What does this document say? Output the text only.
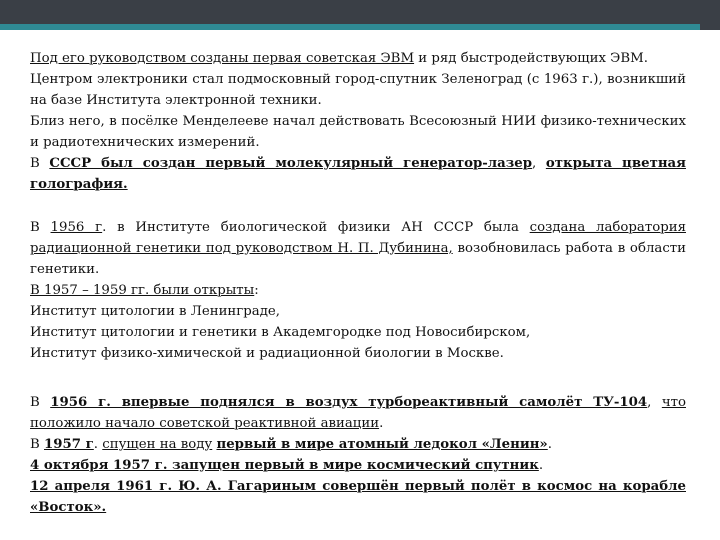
Под его руководством созданы первая советская ЭВМ и ряд быстродействующих ЭВМ.

Центром электроники стал подмосковный город-спутник Зеленоград (с 1963 г.), возникший на базе Института электронной техники.

Близ него, в посёлке Менделееве начал действовать Всесоюзный НИИ физико-технических и радиотехнических измерений.

В СССР был создан первый молекулярный генератор-лазер, открыта цветная голография.

В 1956 г. в Институте биологической физики АН СССР была создана лаборатория радиационной генетики под руководством Н. П. Дубинина, возобновилась работа в области генетики.

В 1957 – 1959 гг. были открыты:

Институт цитологии в Ленинграде,

Институт цитологии и генетики в Академгородке под Новосибирском,

Институт физико-химической и радиационной биологии в Москве.

В 1956 г. впервые поднялся в воздух турбореактивный самолёт ТУ-104, что положило начало советской реактивной авиации.

В 1957 г. спущен на воду первый в мире атомный ледокол «Ленин».

4 октября 1957 г. запущен первый в мире космический спутник.

12 апреля 1961 г. Ю. А. Гагариным совершён первый полёт в космос на корабле «Восток».
